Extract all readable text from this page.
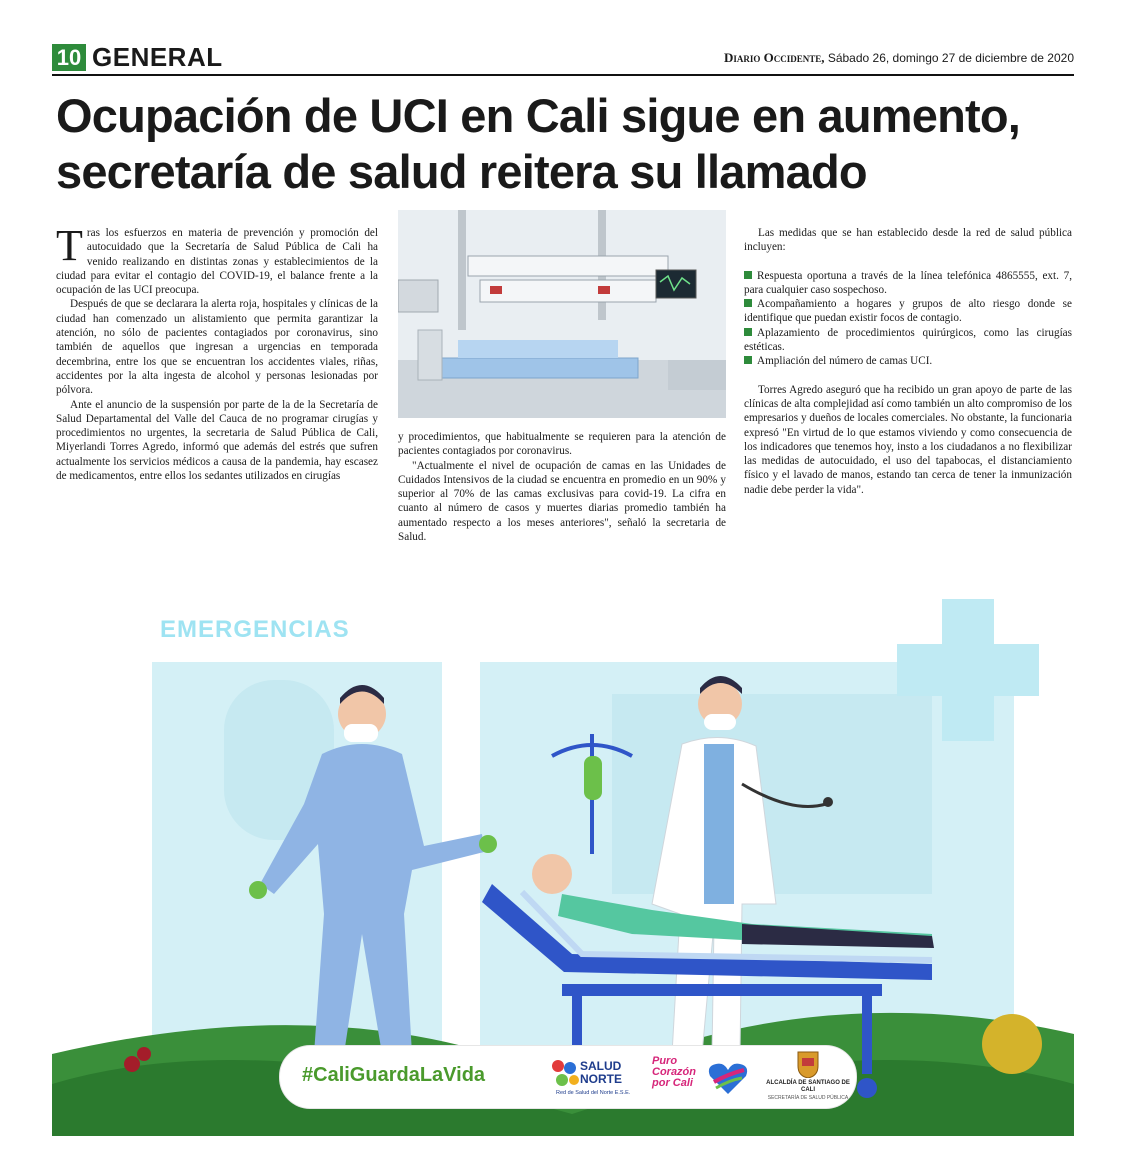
10 GENERAL	Diario Occidente, Sábado 26, domingo 27 de diciembre de 2020
Ocupación de UCI en Cali sigue en aumento,
secretaría de salud reitera su llamado

Tras los esfuerzos en materia de prevención y promoción del autocuidado que la Secretaría de Salud Pública de Cali ha venido realizando en distintas zonas y establecimientos de la ciudad para evitar el contagio del COVID-19, el balance frente a la ocupación de las UCI preocupa.

Después de que se declarara la alerta roja, hospitales y clínicas de la ciudad han comenzado un alistamiento que permita garantizar la atención, no sólo de pacientes contagiados por coronavirus, sino también de aquellos que ingresan a urgencias en temporada decembrina, entre los que se encuentran los accidentes viales, riñas, accidentes por la alta ingesta de alcohol y personas lesionadas por pólvora.

Ante el anuncio de la suspensión por parte de la de la Secretaría de Salud Departamental del Valle del Cauca de no programar cirugías y procedimientos no urgentes, la secretaria de Salud Pública de Cali, Miyerlandi Torres Agredo, informó que además del estrés que sufren actualmente los servicios médicos a causa de la pandemia, hay escasez de medicamentos, entre ellos los sedantes utilizados en cirugías

y procedimientos, que habitualmente se requieren para la atención de pacientes contagiados por coronavirus.

"Actualmente el nivel de ocupación de camas en las Unidades de Cuidados Intensivos de la ciudad se encuentra en promedio en un 90% y superior al 70% de las camas exclusivas para covid-19. La cifra en cuanto al número de casos y muertes diarias promedio también ha aumentado respecto a los meses anteriores", señaló la secretaria de Salud.

Las medidas que se han establecido desde la red de salud pública incluyen:

Respuesta oportuna a través de la línea telefónica 4865555, ext. 7, para cualquier caso sospechoso.
Acompañamiento a hogares y grupos de alto riesgo donde se identifique que puedan existir focos de contagio.
Aplazamiento de procedimientos quirúrgicos, como las cirugías estéticas.
Ampliación del número de camas UCI.

Torres Agredo aseguró que ha recibido un gran apoyo de parte de las clínicas de alta complejidad así como también un alto compromiso de los empresarios y dueños de locales comerciales. No obstante, la funcionaria expresó "En virtud de lo que estamos viviendo y como consecuencia de los indicadores que tenemos hoy, insto a los ciudadanos a no flexibilizar las medidas de autocuidado, el uso del tapabocas, el distanciamiento físico y el lavado de manos, estando tan cerca de tener la inmunización nadie debe perder la vida".

EMERGENCIAS
#CaliGuardaLaVida	SALUD NORTE
Red de Salud del Norte E.S.E.
Puro Corazón por Cali	ALCALDÍA DE SANTIAGO DE CALI
SECRETARÍA DE SALUD PÚBLICA
